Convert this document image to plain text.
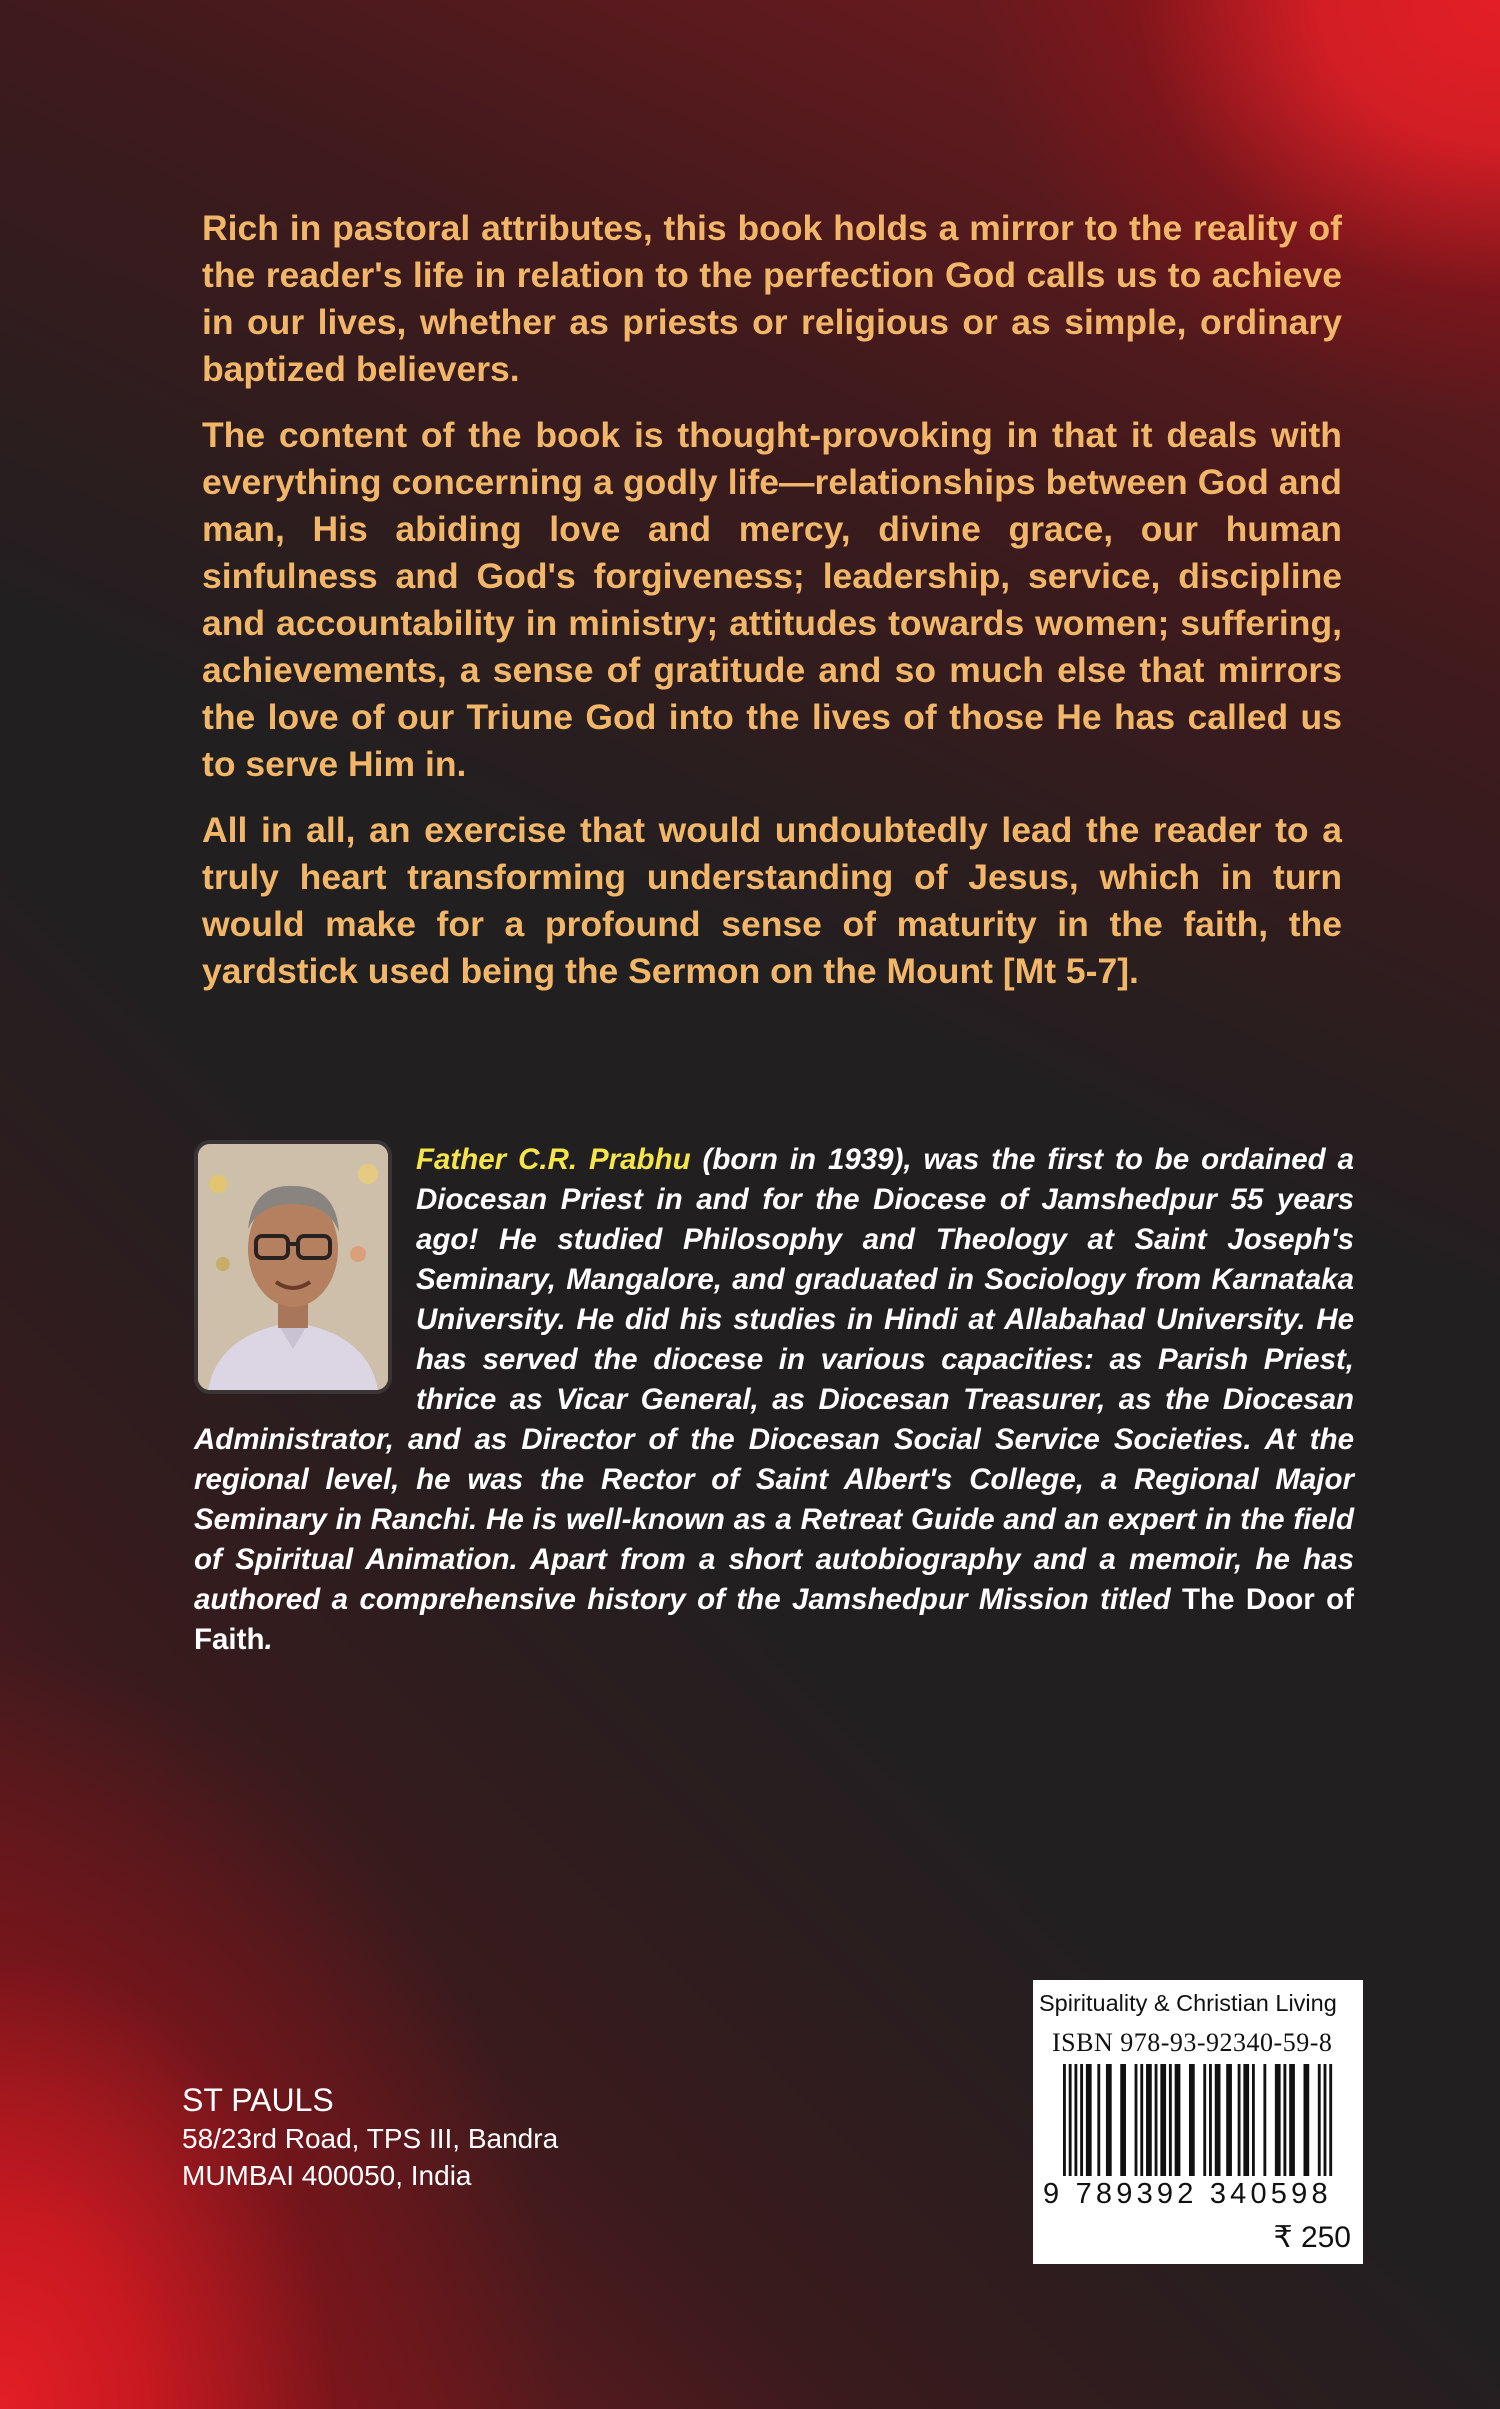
Rich in pastoral attributes, this book holds a mirror to the reality of the reader's life in relation to the perfection God calls us to achieve in our lives, whether as priests or religious or as simple, ordinary baptized believers.

The content of the book is thought-provoking in that it deals with everything concerning a godly life—relationships between God and man, His abiding love and mercy, divine grace, our human sinfulness and God's forgiveness; leadership, service, discipline and accountability in ministry; attitudes towards women; suffering, achievements, a sense of gratitude and so much else that mirrors the love of our Triune God into the lives of those He has called us to serve Him in.

All in all, an exercise that would undoubtedly lead the reader to a truly heart transforming understanding of Jesus, which in turn would make for a profound sense of maturity in the faith, the yardstick used being the Sermon on the Mount [Mt 5-7].

Father C.R. Prabhu (born in 1939), was the first to be ordained a Diocesan Priest in and for the Diocese of Jamshedpur 55 years ago! He studied Philosophy and Theology at Saint Joseph's Seminary, Mangalore, and graduated in Sociology from Karnataka University. He did his studies in Hindi at Allabahad University. He has served the diocese in various capacities: as Parish Priest, thrice as Vicar General, as Diocesan Treasurer, as the Diocesan Administrator, and as Director of the Diocesan Social Service Societies. At the regional level, he was the Rector of Saint Albert's College, a Regional Major Seminary in Ranchi. He is well-known as a Retreat Guide and an expert in the field of Spiritual Animation. Apart from a short autobiography and a memoir, he has authored a comprehensive history of the Jamshedpur Mission titled The Door of Faith.
ST PAULS
58/23rd Road, TPS III, Bandra
MUMBAI 400050, India
Spirituality & Christian Living
ISBN 978-93-92340-59-8
9 789392 340598
₹ 250
